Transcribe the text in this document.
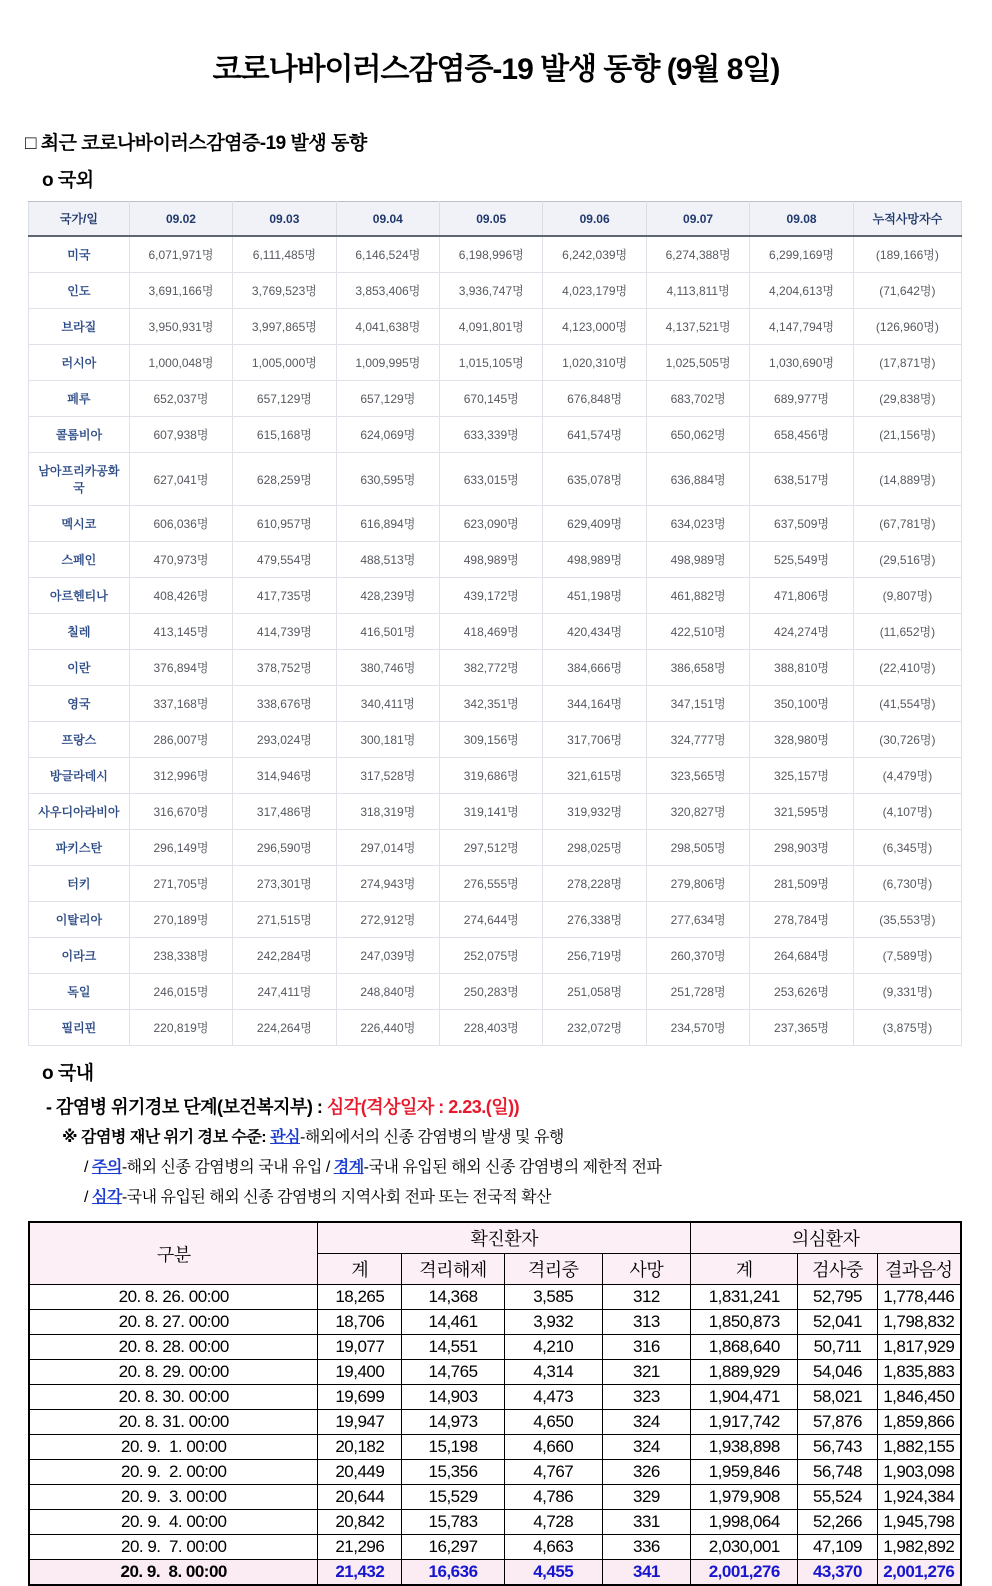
코로나바이러스감염증-19 발생 동향 (9월 8일)
□ 최근 코로나바이러스감염증-19 발생 동향
o 국외
국가/일	09.02	09.03	09.04	09.05	09.06	09.07	09.08	누적사망자수
미국	6,071,971명	6,111,485명	6,146,524명	6,198,996명	6,242,039명	6,274,388명	6,299,169명	(189,166명)
인도	3,691,166명	3,769,523명	3,853,406명	3,936,747명	4,023,179명	4,113,811명	4,204,613명	(71,642명)
브라질	3,950,931명	3,997,865명	4,041,638명	4,091,801명	4,123,000명	4,137,521명	4,147,794명	(126,960명)
러시아	1,000,048명	1,005,000명	1,009,995명	1,015,105명	1,020,310명	1,025,505명	1,030,690명	(17,871명)
페루	652,037명	657,129명	657,129명	670,145명	676,848명	683,702명	689,977명	(29,838명)
콜롬비아	607,938명	615,168명	624,069명	633,339명	641,574명	650,062명	658,456명	(21,156명)
남아프리카공화국	627,041명	628,259명	630,595명	633,015명	635,078명	636,884명	638,517명	(14,889명)
멕시코	606,036명	610,957명	616,894명	623,090명	629,409명	634,023명	637,509명	(67,781명)
스페인	470,973명	479,554명	488,513명	498,989명	498,989명	498,989명	525,549명	(29,516명)
아르헨티나	408,426명	417,735명	428,239명	439,172명	451,198명	461,882명	471,806명	(9,807명)
칠레	413,145명	414,739명	416,501명	418,469명	420,434명	422,510명	424,274명	(11,652명)
이란	376,894명	378,752명	380,746명	382,772명	384,666명	386,658명	388,810명	(22,410명)
영국	337,168명	338,676명	340,411명	342,351명	344,164명	347,151명	350,100명	(41,554명)
프랑스	286,007명	293,024명	300,181명	309,156명	317,706명	324,777명	328,980명	(30,726명)
방글라데시	312,996명	314,946명	317,528명	319,686명	321,615명	323,565명	325,157명	(4,479명)
사우디아라비아	316,670명	317,486명	318,319명	319,141명	319,932명	320,827명	321,595명	(4,107명)
파키스탄	296,149명	296,590명	297,014명	297,512명	298,025명	298,505명	298,903명	(6,345명)
터키	271,705명	273,301명	274,943명	276,555명	278,228명	279,806명	281,509명	(6,730명)
이탈리아	270,189명	271,515명	272,912명	274,644명	276,338명	277,634명	278,784명	(35,553명)
이라크	238,338명	242,284명	247,039명	252,075명	256,719명	260,370명	264,684명	(7,589명)
독일	246,015명	247,411명	248,840명	250,283명	251,058명	251,728명	253,626명	(9,331명)
필리핀	220,819명	224,264명	226,440명	228,403명	232,072명	234,570명	237,365명	(3,875명)
o 국내
- 감염병 위기경보 단계(보건복지부) : 심각(격상일자 : 2.23.(일))
※ 감염병 재난 위기 경보 수준: 관심-해외에서의 신종 감염병의 발생 및 유행
/ 주의-해외 신종 감염병의 국내 유입 / 경계-국내 유입된 해외 신종 감염병의 제한적 전파
/ 심각-국내 유입된 해외 신종 감염병의 지역사회 전파 또는 전국적 확산
구분	확진환자				의심환자		
	계	격리해제	격리중	사망	계	검사중	결과음성
20. 8. 26. 00:00	18,265	14,368	3,585	312	1,831,241	52,795	1,778,446
20. 8. 27. 00:00	18,706	14,461	3,932	313	1,850,873	52,041	1,798,832
20. 8. 28. 00:00	19,077	14,551	4,210	316	1,868,640	50,711	1,817,929
20. 8. 29. 00:00	19,400	14,765	4,314	321	1,889,929	54,046	1,835,883
20. 8. 30. 00:00	19,699	14,903	4,473	323	1,904,471	58,021	1,846,450
20. 8. 31. 00:00	19,947	14,973	4,650	324	1,917,742	57,876	1,859,866
20. 9.  1. 00:00	20,182	15,198	4,660	324	1,938,898	56,743	1,882,155
20. 9.  2. 00:00	20,449	15,356	4,767	326	1,959,846	56,748	1,903,098
20. 9.  3. 00:00	20,644	15,529	4,786	329	1,979,908	55,524	1,924,384
20. 9.  4. 00:00	20,842	15,783	4,728	331	1,998,064	52,266	1,945,798
20. 9.  7. 00:00	21,296	16,297	4,663	336	2,030,001	47,109	1,982,892
20. 9.  8. 00:00	21,432	16,636	4,455	341	2,001,276	43,370	2,001,276
